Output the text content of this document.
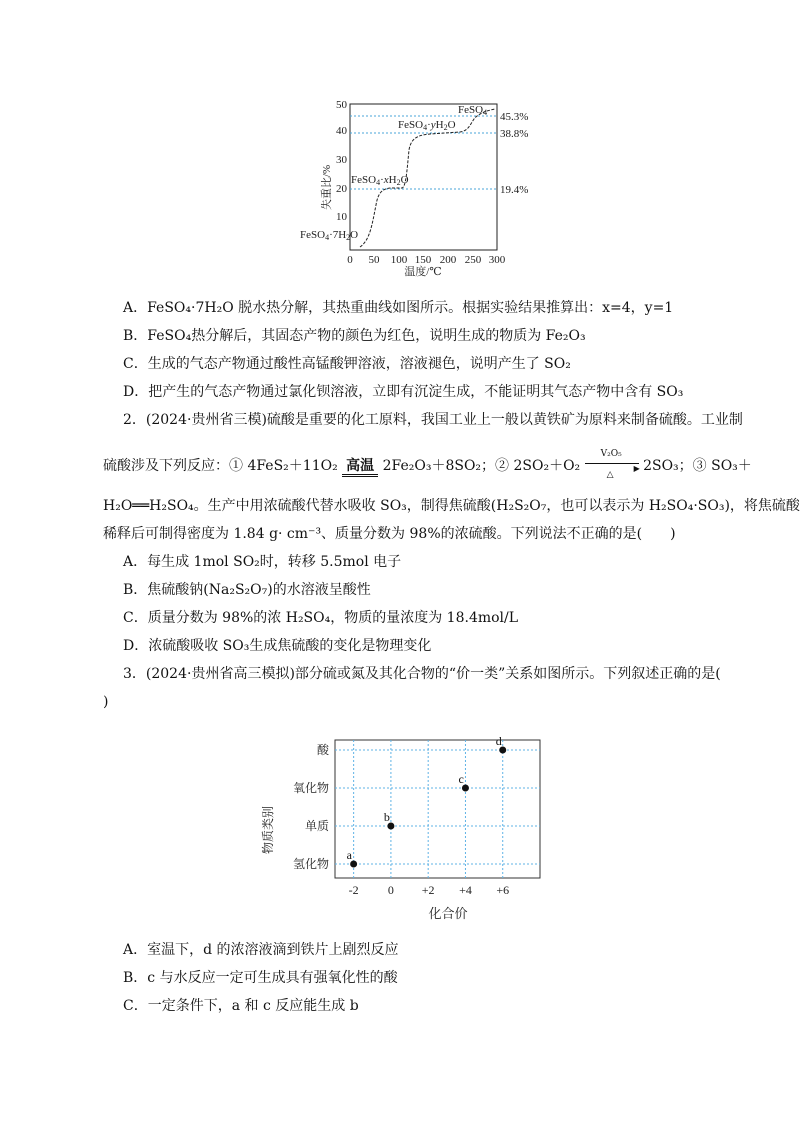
10
20
30
40
50
0 50 100 150 200 250 300
温度/℃
失重比/%
45.3%
38.8%
19.4%
FeSO4
FeSO4·yH2O
FeSO4·xH2O
FeSO4·7H2O
A．FeSO₄·7H₂O 脱水热分解，其热重曲线如图所示。根据实验结果推算出：x=4，y=1
B．FeSO₄热分解后，其固态产物的颜色为红色，说明生成的物质为 Fe₂O₃
C．生成的气态产物通过酸性高锰酸钾溶液，溶液褪色，说明产生了 SO₂
D．把产生的气态产物通过氯化钡溶液，立即有沉淀生成，不能证明其气态产物中含有 SO₃
2．(2024·贵州省三模)硫酸是重要的化工原料，我国工业上一般以黄铁矿为原料来制备硫酸。工业制
硫酸涉及下列反应：① 4FeS₂＋11O₂ 高温 2Fe₂O₃＋8SO₂；② 2SO₂＋O₂
V₂O₅
▶
△
2SO₃；③ SO₃＋
H₂O══H₂SO₄。生产中用浓硫酸代替水吸收 SO₃，制得焦硫酸(H₂S₂O₇，也可以表示为 H₂SO₄·SO₃)，将焦硫酸
稀释后可制得密度为 1.84 g· cm⁻³、质量分数为 98%的浓硫酸。下列说法不正确的是(　　)
A．每生成 1mol SO₂时，转移 5.5mol 电子
B．焦硫酸钠(Na₂S₂O₇)的水溶液呈酸性
C．质量分数为 98%的浓 H₂SO₄，物质的量浓度为 18.4mol/L
D．浓硫酸吸收 SO₃生成焦硫酸的变化是物理变化
3．(2024·贵州省高三模拟)部分硫或氮及其化合物的“价一类”关系如图所示。下列叙述正确的是(
)
-2 0 +2 +4 +6
氢化物
单质
氧化物
酸
a
b
c
d
物质类别
化合价
A．室温下，d 的浓溶液滴到铁片上剧烈反应
B．c 与水反应一定可生成具有强氧化性的酸
C．一定条件下，a 和 c 反应能生成 b
